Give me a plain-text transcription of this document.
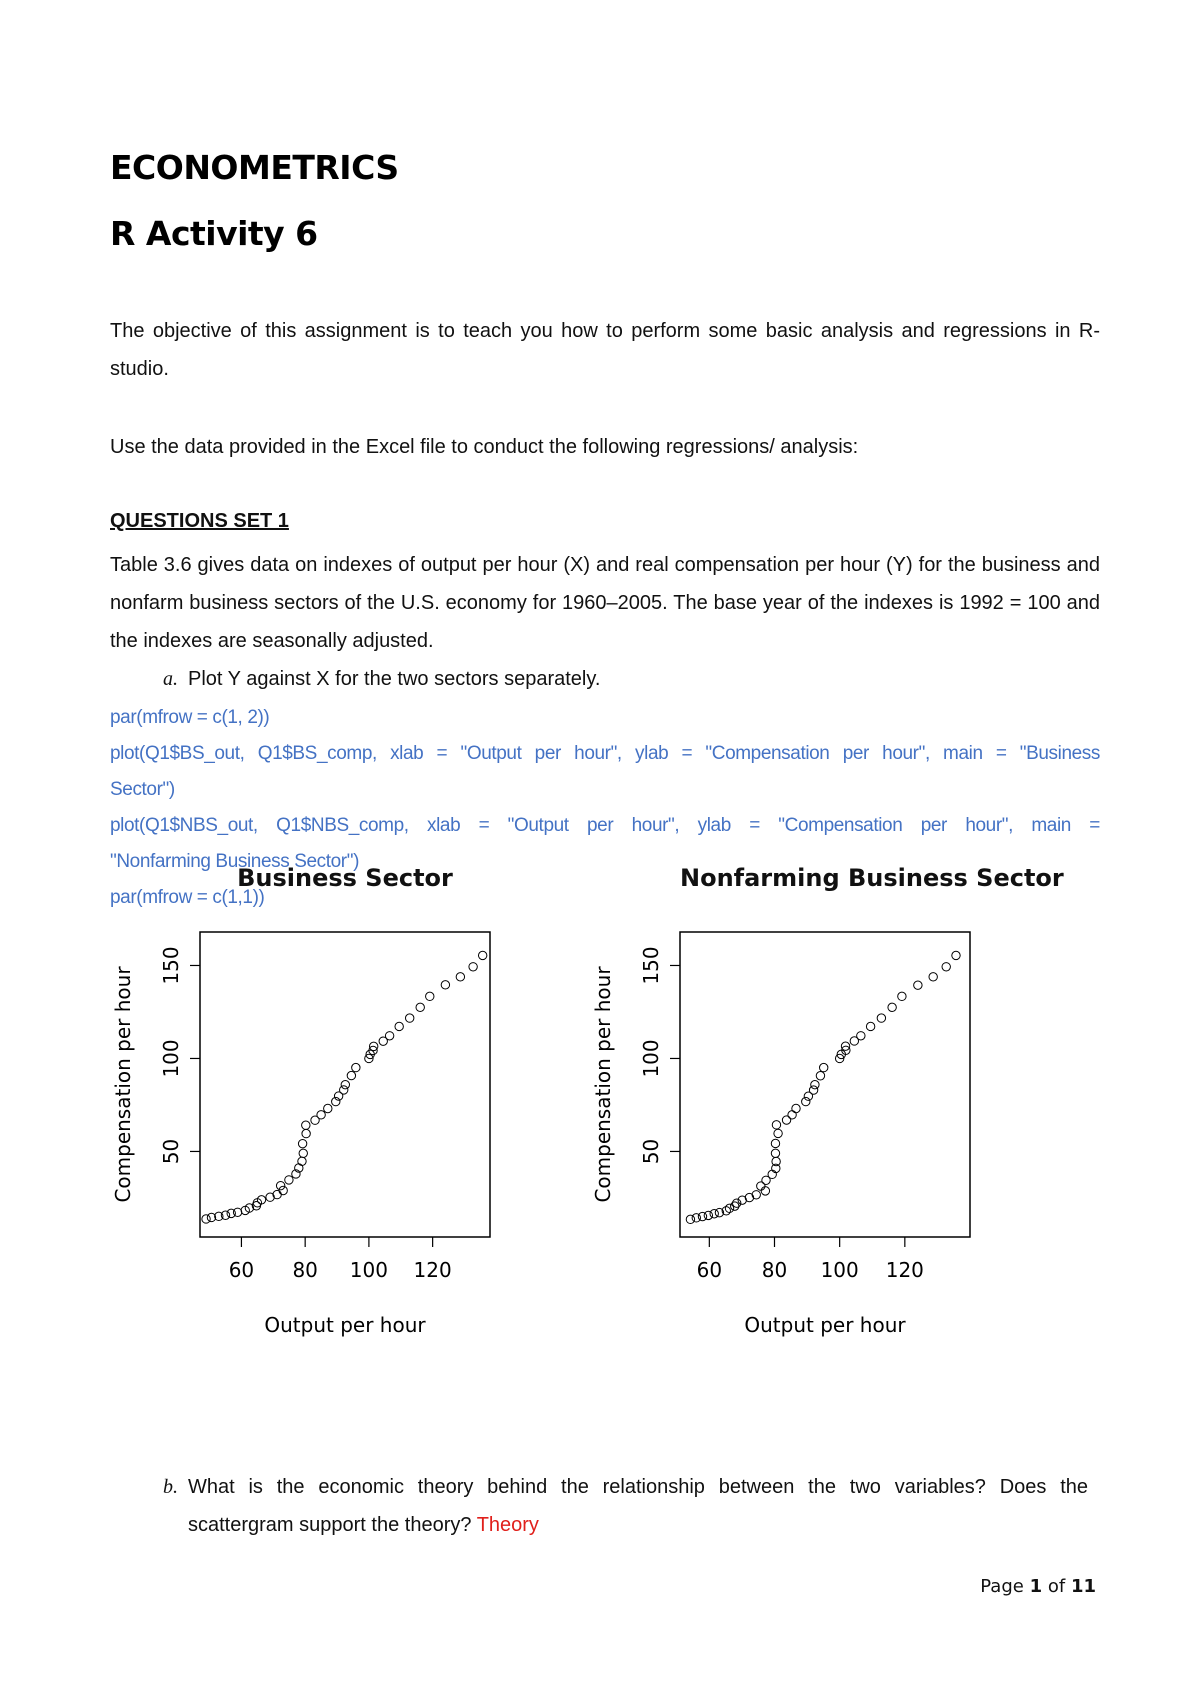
ECONOMETRICS
R Activity 6

The objective of this assignment is to teach you how to perform some basic analysis and regressions in R-studio.

Use the data provided in the Excel file to conduct the following regressions/ analysis:

QUESTIONS SET 1

Table 3.6 gives data on indexes of output per hour (X) and real compensation per hour (Y) for the business and nonfarm business sectors of the U.S. economy for 1960–2005. The base year of the indexes is 1992 = 100 and the indexes are seasonally adjusted.

a. Plot Y against X for the two sectors separately.
par(mfrow = c(1, 2))
plot(Q1$BS_out, Q1$BS_comp, xlab = "Output per hour", ylab = "Compensation per hour", main = "Business
Sector")
plot(Q1$NBS_out, Q1$NBS_comp, xlab = "Output per hour", ylab = "Compensation per hour", main =
"Nonfarming Business Sector")
par(mfrow = c(1,1))
60 80 100 120
50
100
150
Output per hour
Compensation per hour
Business Sector
60 80 100 120
50
100
150
Output per hour
Compensation per hour
Nonfarming Business Sector
b. What is the economic theory behind the relationship between the two variables? Does the scattergram support the theory? Theory
Page 1 of 11
